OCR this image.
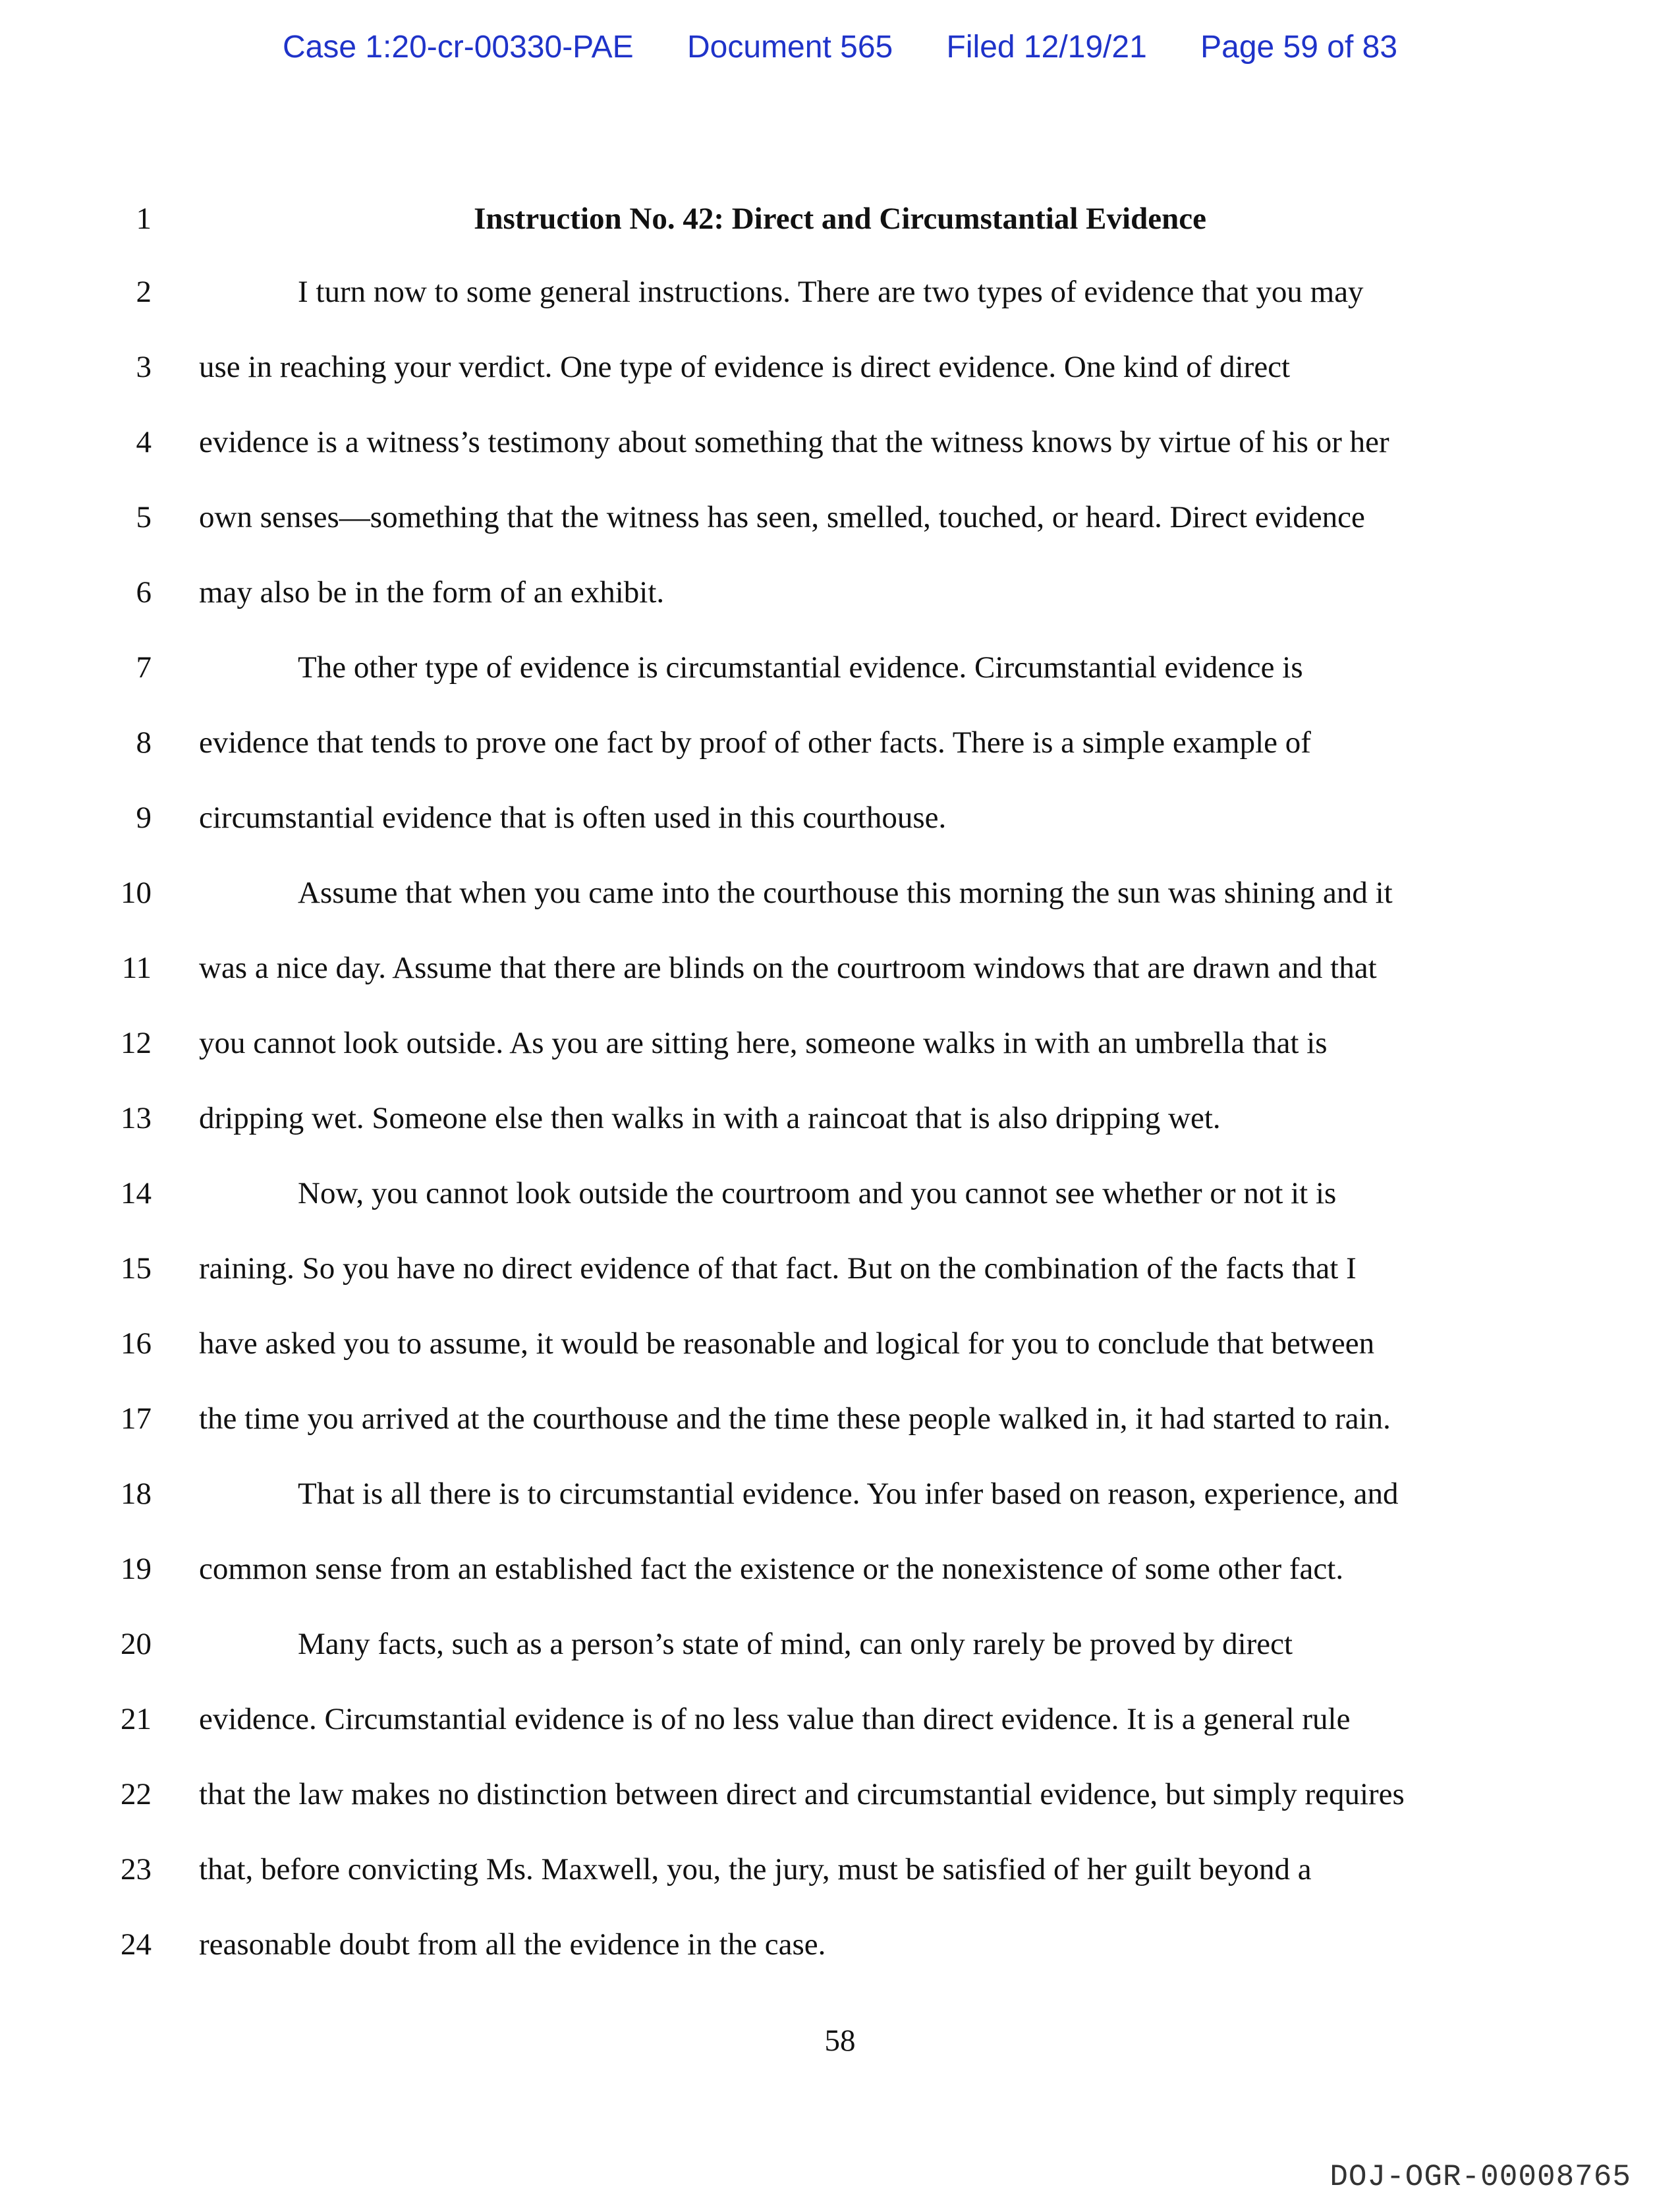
Case 1:20-cr-00330-PAE Document 565 Filed 12/19/21 Page 59 of 83
1	Instruction No. 42: Direct and Circumstantial Evidence
2	I turn now to some general instructions. There are two types of evidence that you may
3 use in reaching your verdict. One type of evidence is direct evidence. One kind of direct
4 evidence is a witness’s testimony about something that the witness knows by virtue of his or her
5 own senses—something that the witness has seen, smelled, touched, or heard. Direct evidence
6 may also be in the form of an exhibit.
7	The other type of evidence is circumstantial evidence. Circumstantial evidence is
8 evidence that tends to prove one fact by proof of other facts. There is a simple example of
9 circumstantial evidence that is often used in this courthouse.
10	Assume that when you came into the courthouse this morning the sun was shining and it
11 was a nice day. Assume that there are blinds on the courtroom windows that are drawn and that
12 you cannot look outside. As you are sitting here, someone walks in with an umbrella that is
13 dripping wet. Someone else then walks in with a raincoat that is also dripping wet.
14	Now, you cannot look outside the courtroom and you cannot see whether or not it is
15 raining. So you have no direct evidence of that fact. But on the combination of the facts that I
16 have asked you to assume, it would be reasonable and logical for you to conclude that between
17 the time you arrived at the courthouse and the time these people walked in, it had started to rain.
18	That is all there is to circumstantial evidence. You infer based on reason, experience, and
19 common sense from an established fact the existence or the nonexistence of some other fact.
20	Many facts, such as a person’s state of mind, can only rarely be proved by direct
21 evidence. Circumstantial evidence is of no less value than direct evidence. It is a general rule
22 that the law makes no distinction between direct and circumstantial evidence, but simply requires
23 that, before convicting Ms. Maxwell, you, the jury, must be satisfied of her guilt beyond a
24 reasonable doubt from all the evidence in the case.
58
DOJ-OGR-00008765
